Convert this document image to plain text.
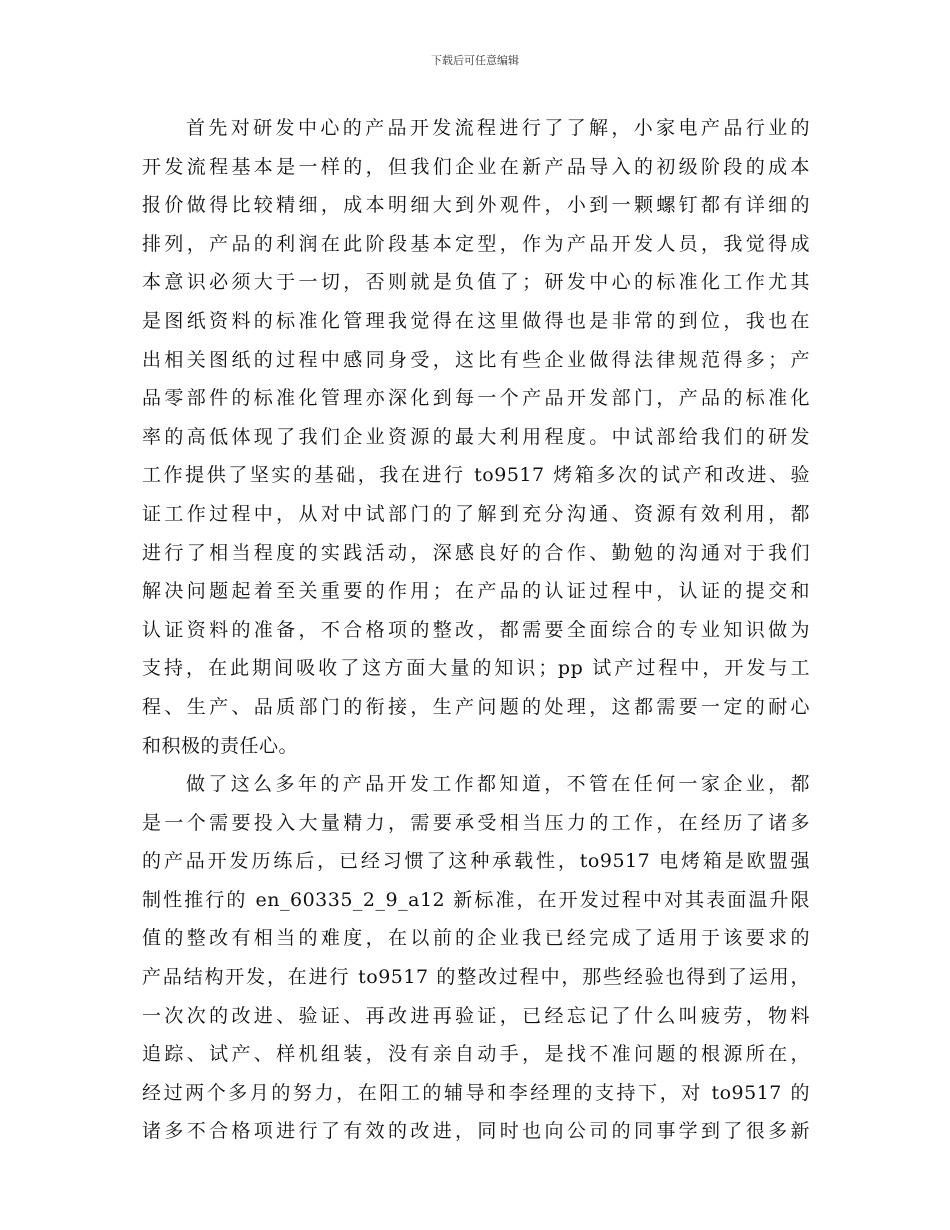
下载后可任意编辑
首先对研发中心的产品开发流程进行了了解，小家电产品行业的
开发流程基本是一样的，但我们企业在新产品导入的初级阶段的成本
报价做得比较精细，成本明细大到外观件，小到一颗螺钉都有详细的
排列，产品的利润在此阶段基本定型，作为产品开发人员，我觉得成
本意识必须大于一切，否则就是负值了；研发中心的标准化工作尤其
是图纸资料的标准化管理我觉得在这里做得也是非常的到位，我也在
出相关图纸的过程中感同身受，这比有些企业做得法律规范得多；产
品零部件的标准化管理亦深化到每一个产品开发部门，产品的标准化
率的高低体现了我们企业资源的最大利用程度。中试部给我们的研发
工作提供了坚实的基础，我在进行 to9517 烤箱多次的试产和改进、验
证工作过程中，从对中试部门的了解到充分沟通、资源有效利用，都
进行了相当程度的实践活动，深感良好的合作、勤勉的沟通对于我们
解决问题起着至关重要的作用；在产品的认证过程中，认证的提交和
认证资料的准备，不合格项的整改，都需要全面综合的专业知识做为
支持，在此期间吸收了这方面大量的知识；pp 试产过程中，开发与工
程、生产、品质部门的衔接，生产问题的处理，这都需要一定的耐心
和积极的责任心。
做了这么多年的产品开发工作都知道，不管在任何一家企业，都
是一个需要投入大量精力，需要承受相当压力的工作，在经历了诸多
的产品开发历练后，已经习惯了这种承载性，to9517 电烤箱是欧盟强
制性推行的 en_60335_2_9_a12 新标准，在开发过程中对其表面温升限
值的整改有相当的难度，在以前的企业我已经完成了适用于该要求的
产品结构开发，在进行 to9517 的整改过程中，那些经验也得到了运用，
一次次的改进、验证、再改进再验证，已经忘记了什么叫疲劳，物料
追踪、试产、样机组装，没有亲自动手，是找不准问题的根源所在，
经过两个多月的努力，在阳工的辅导和李经理的支持下，对 to9517 的
诸多不合格项进行了有效的改进，同时也向公司的同事学到了很多新
